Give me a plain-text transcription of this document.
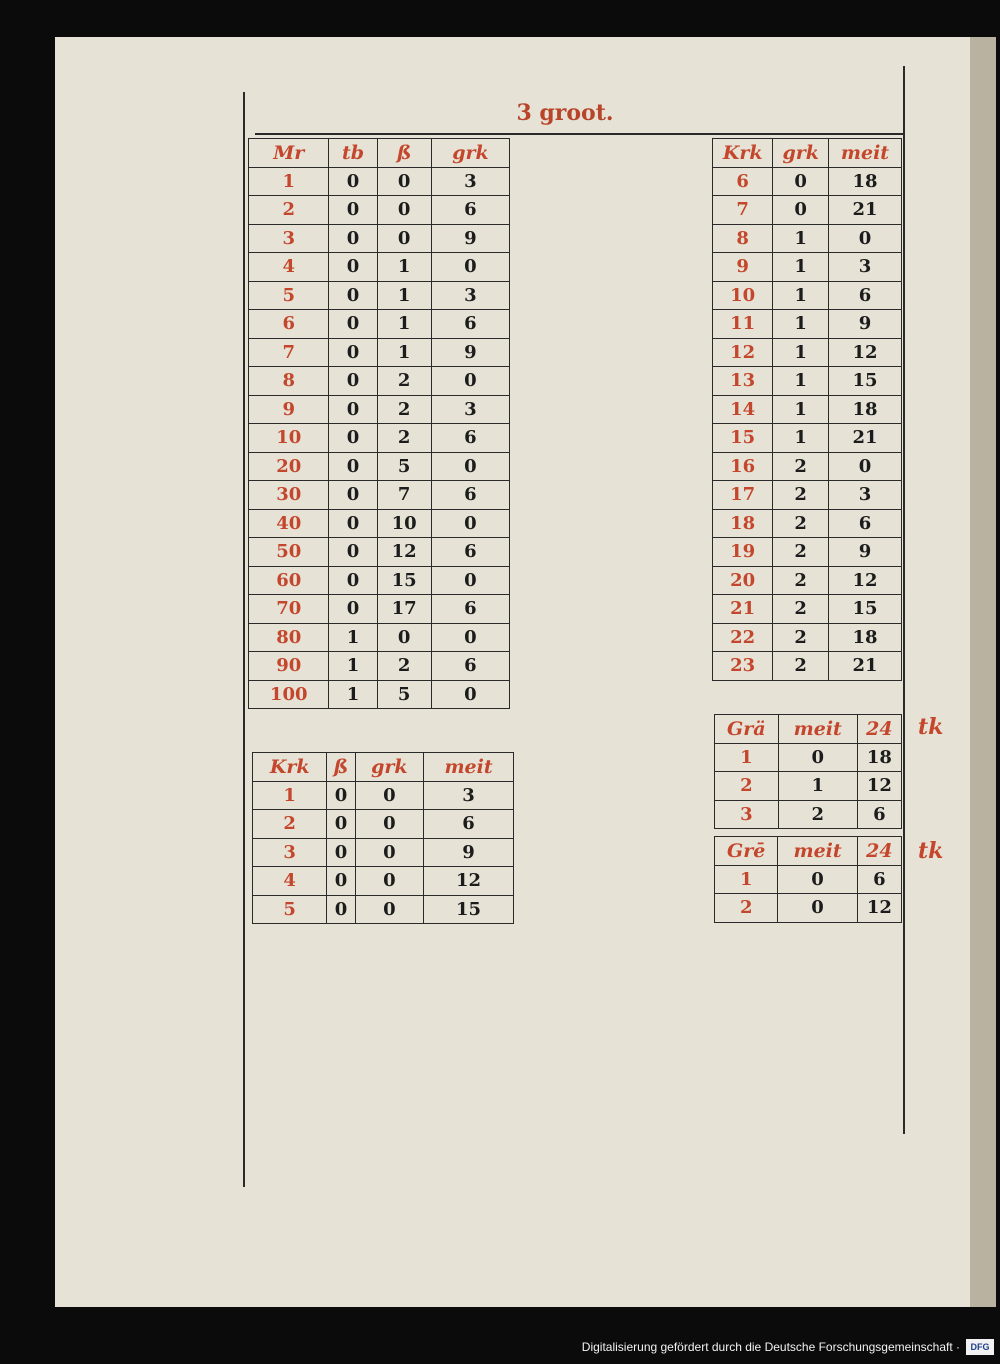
3 groot.
Mr	tb	ß	grk
1	0	0	3
2	0	0	6
3	0	0	9
4	0	1	0
5	0	1	3
6	0	1	6
7	0	1	9
8	0	2	0
9	0	2	3
10	0	2	6
20	0	5	0
30	0	7	6
40	0	10	0
50	0	12	6
60	0	15	0
70	0	17	6
80	1	0	0
90	1	2	6
100	1	5	0
Krk	ß	grk	meit
1	0	0	3
2	0	0	6
3	0	0	9
4	0	0	12
5	0	0	15
Krk	grk	meit
6	0	18
7	0	21
8	1	0
9	1	3
10	1	6
11	1	9
12	1	12
13	1	15
14	1	18
15	1	21
16	2	0
17	2	3
18	2	6
19	2	9
20	2	12
21	2	15
22	2	18
23	2	21
Grä	meit	24
1	0	18
2	1	12
3	2	6
Grē	meit	24
1	0	6
2	0	12
tk
tk
Digitalisierung gefördert durch die Deutsche Forschungsgemeinschaft ·	DFG
